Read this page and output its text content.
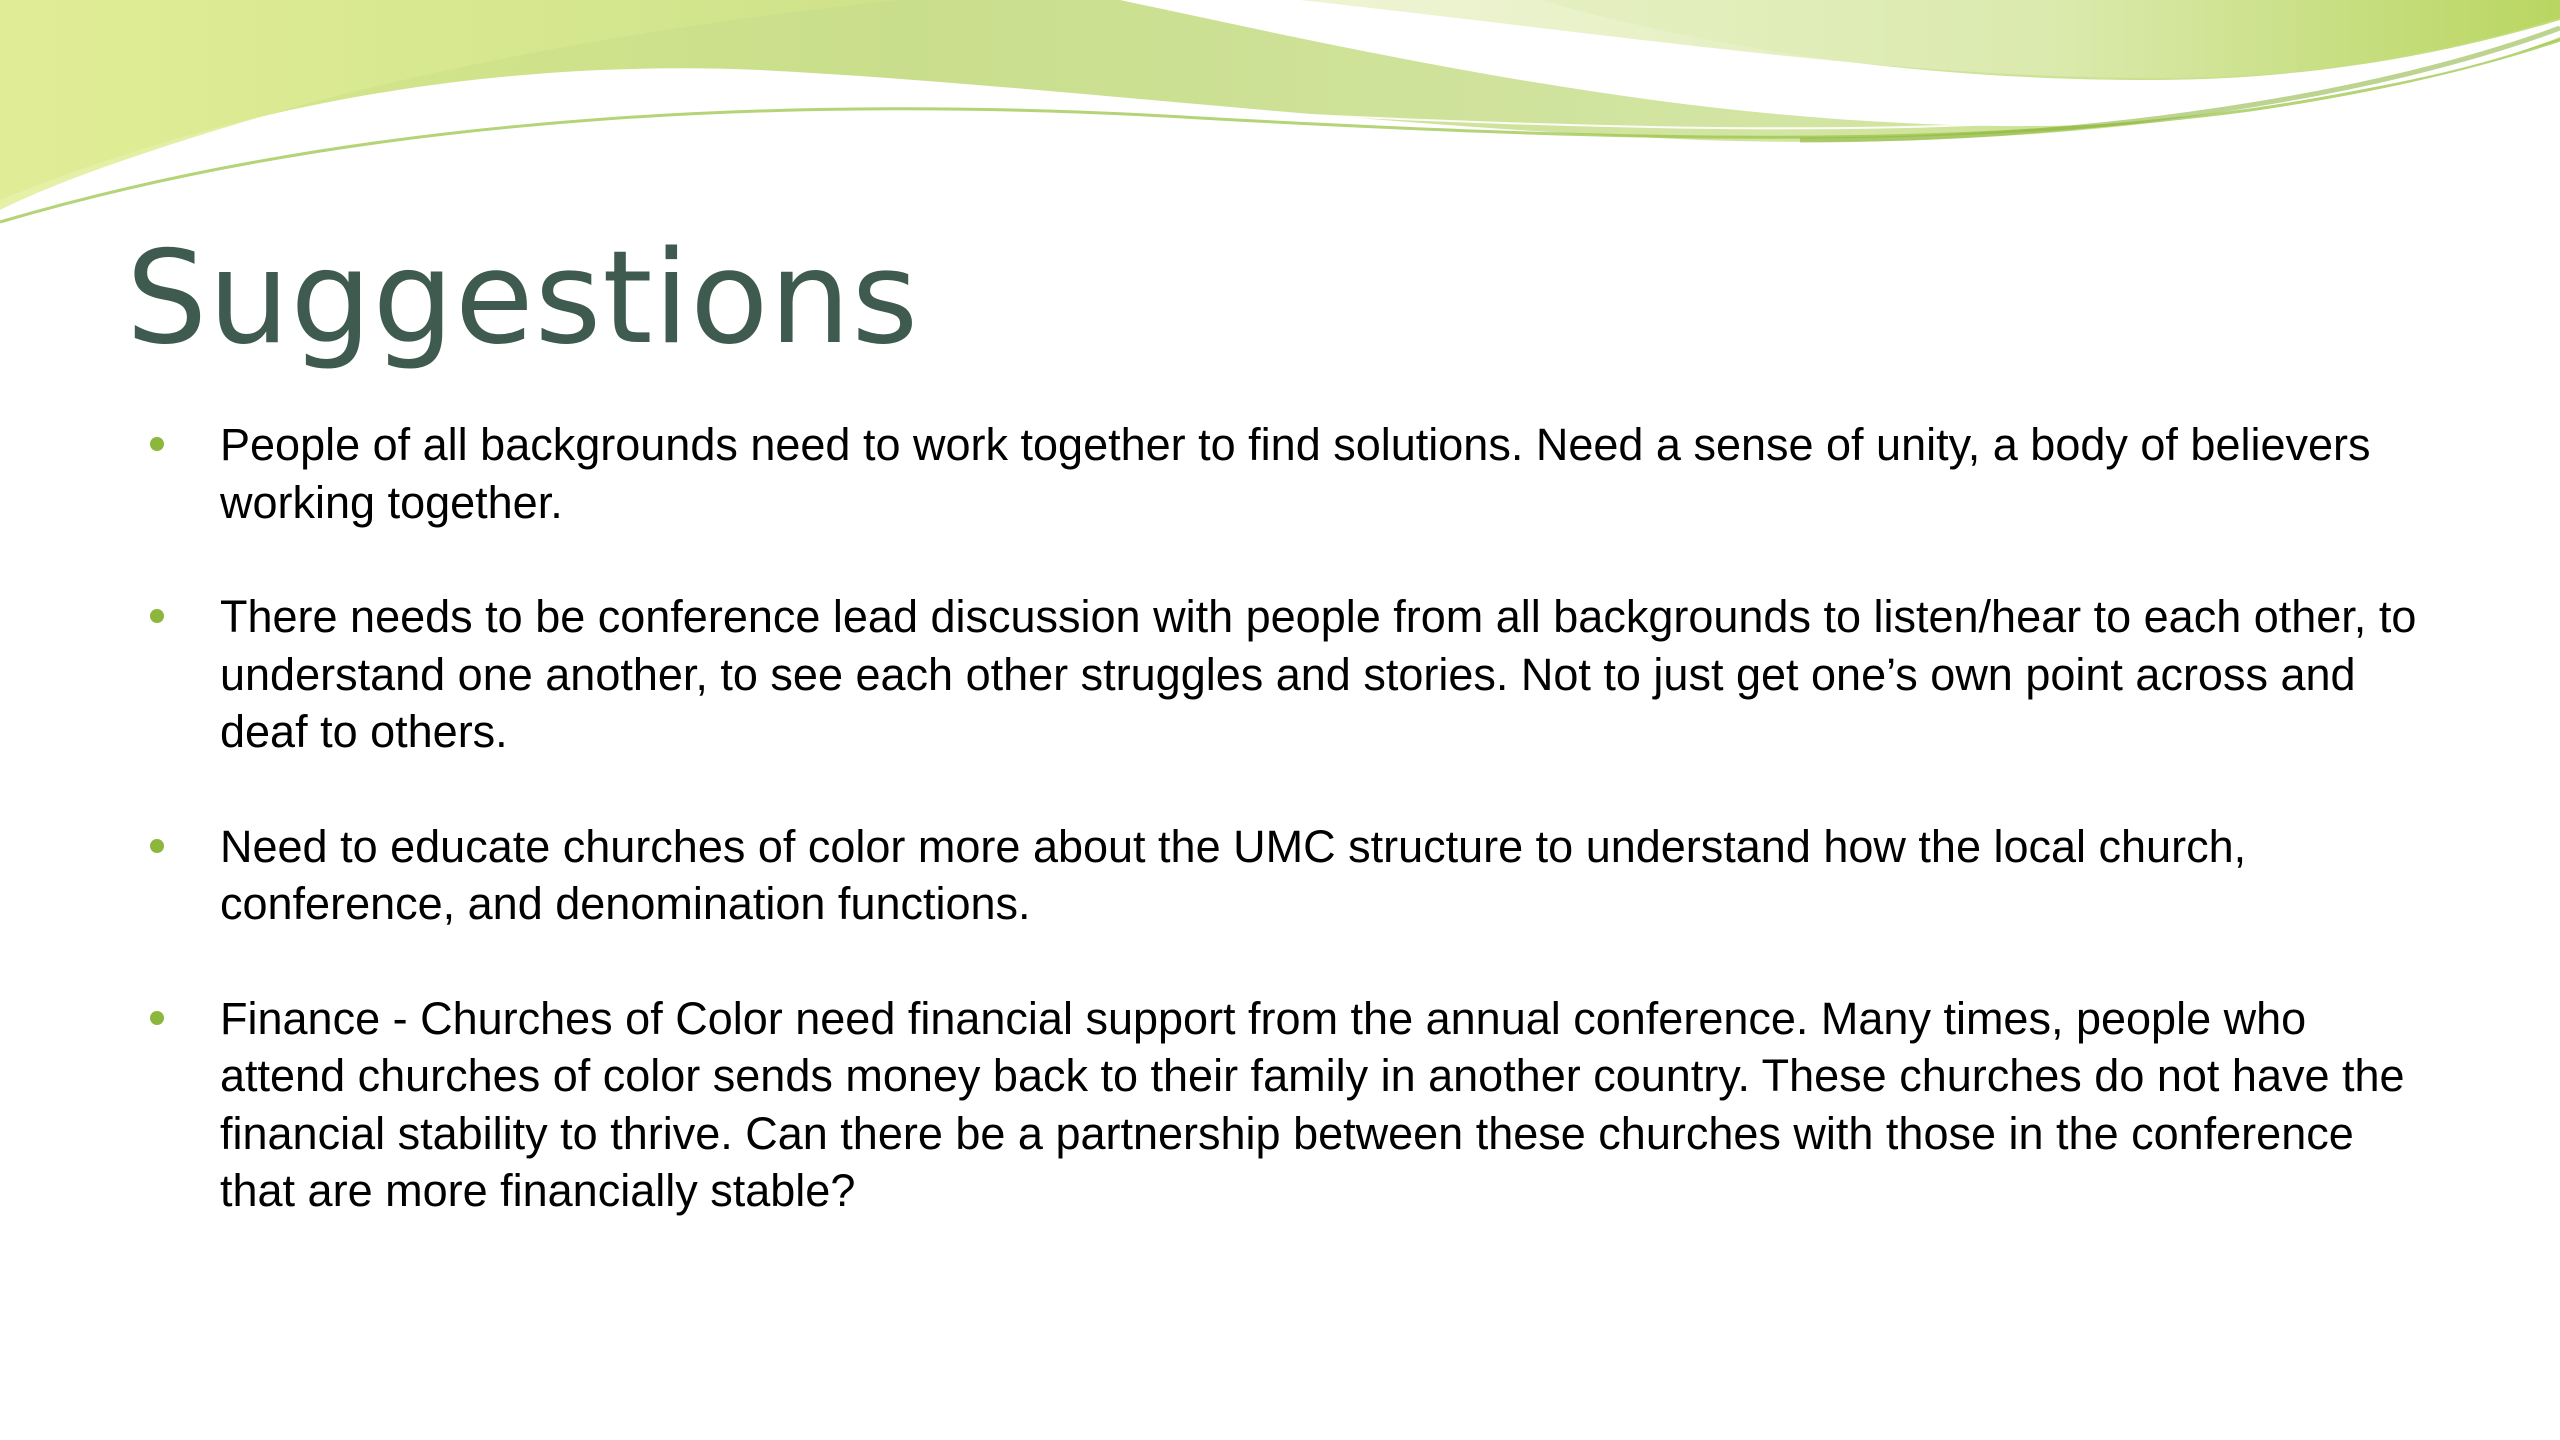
Suggestions
People of all backgrounds need to work together to find solutions. Need a sense of unity, a body of believers working together.
There needs to be conference lead discussion with people from all backgrounds to listen/hear to each other, to understand one another, to see each other struggles and stories. Not to just get one’s own point across and deaf to others.
Need to educate churches of color more about the UMC structure to understand how the local church, conference, and denomination functions.
Finance - Churches of Color need financial support from the annual conference. Many times, people who attend churches of color sends money back to their family in another country. These churches do not have the financial stability to thrive. Can there be a partnership between these churches with those in the conference that are more financially stable?
